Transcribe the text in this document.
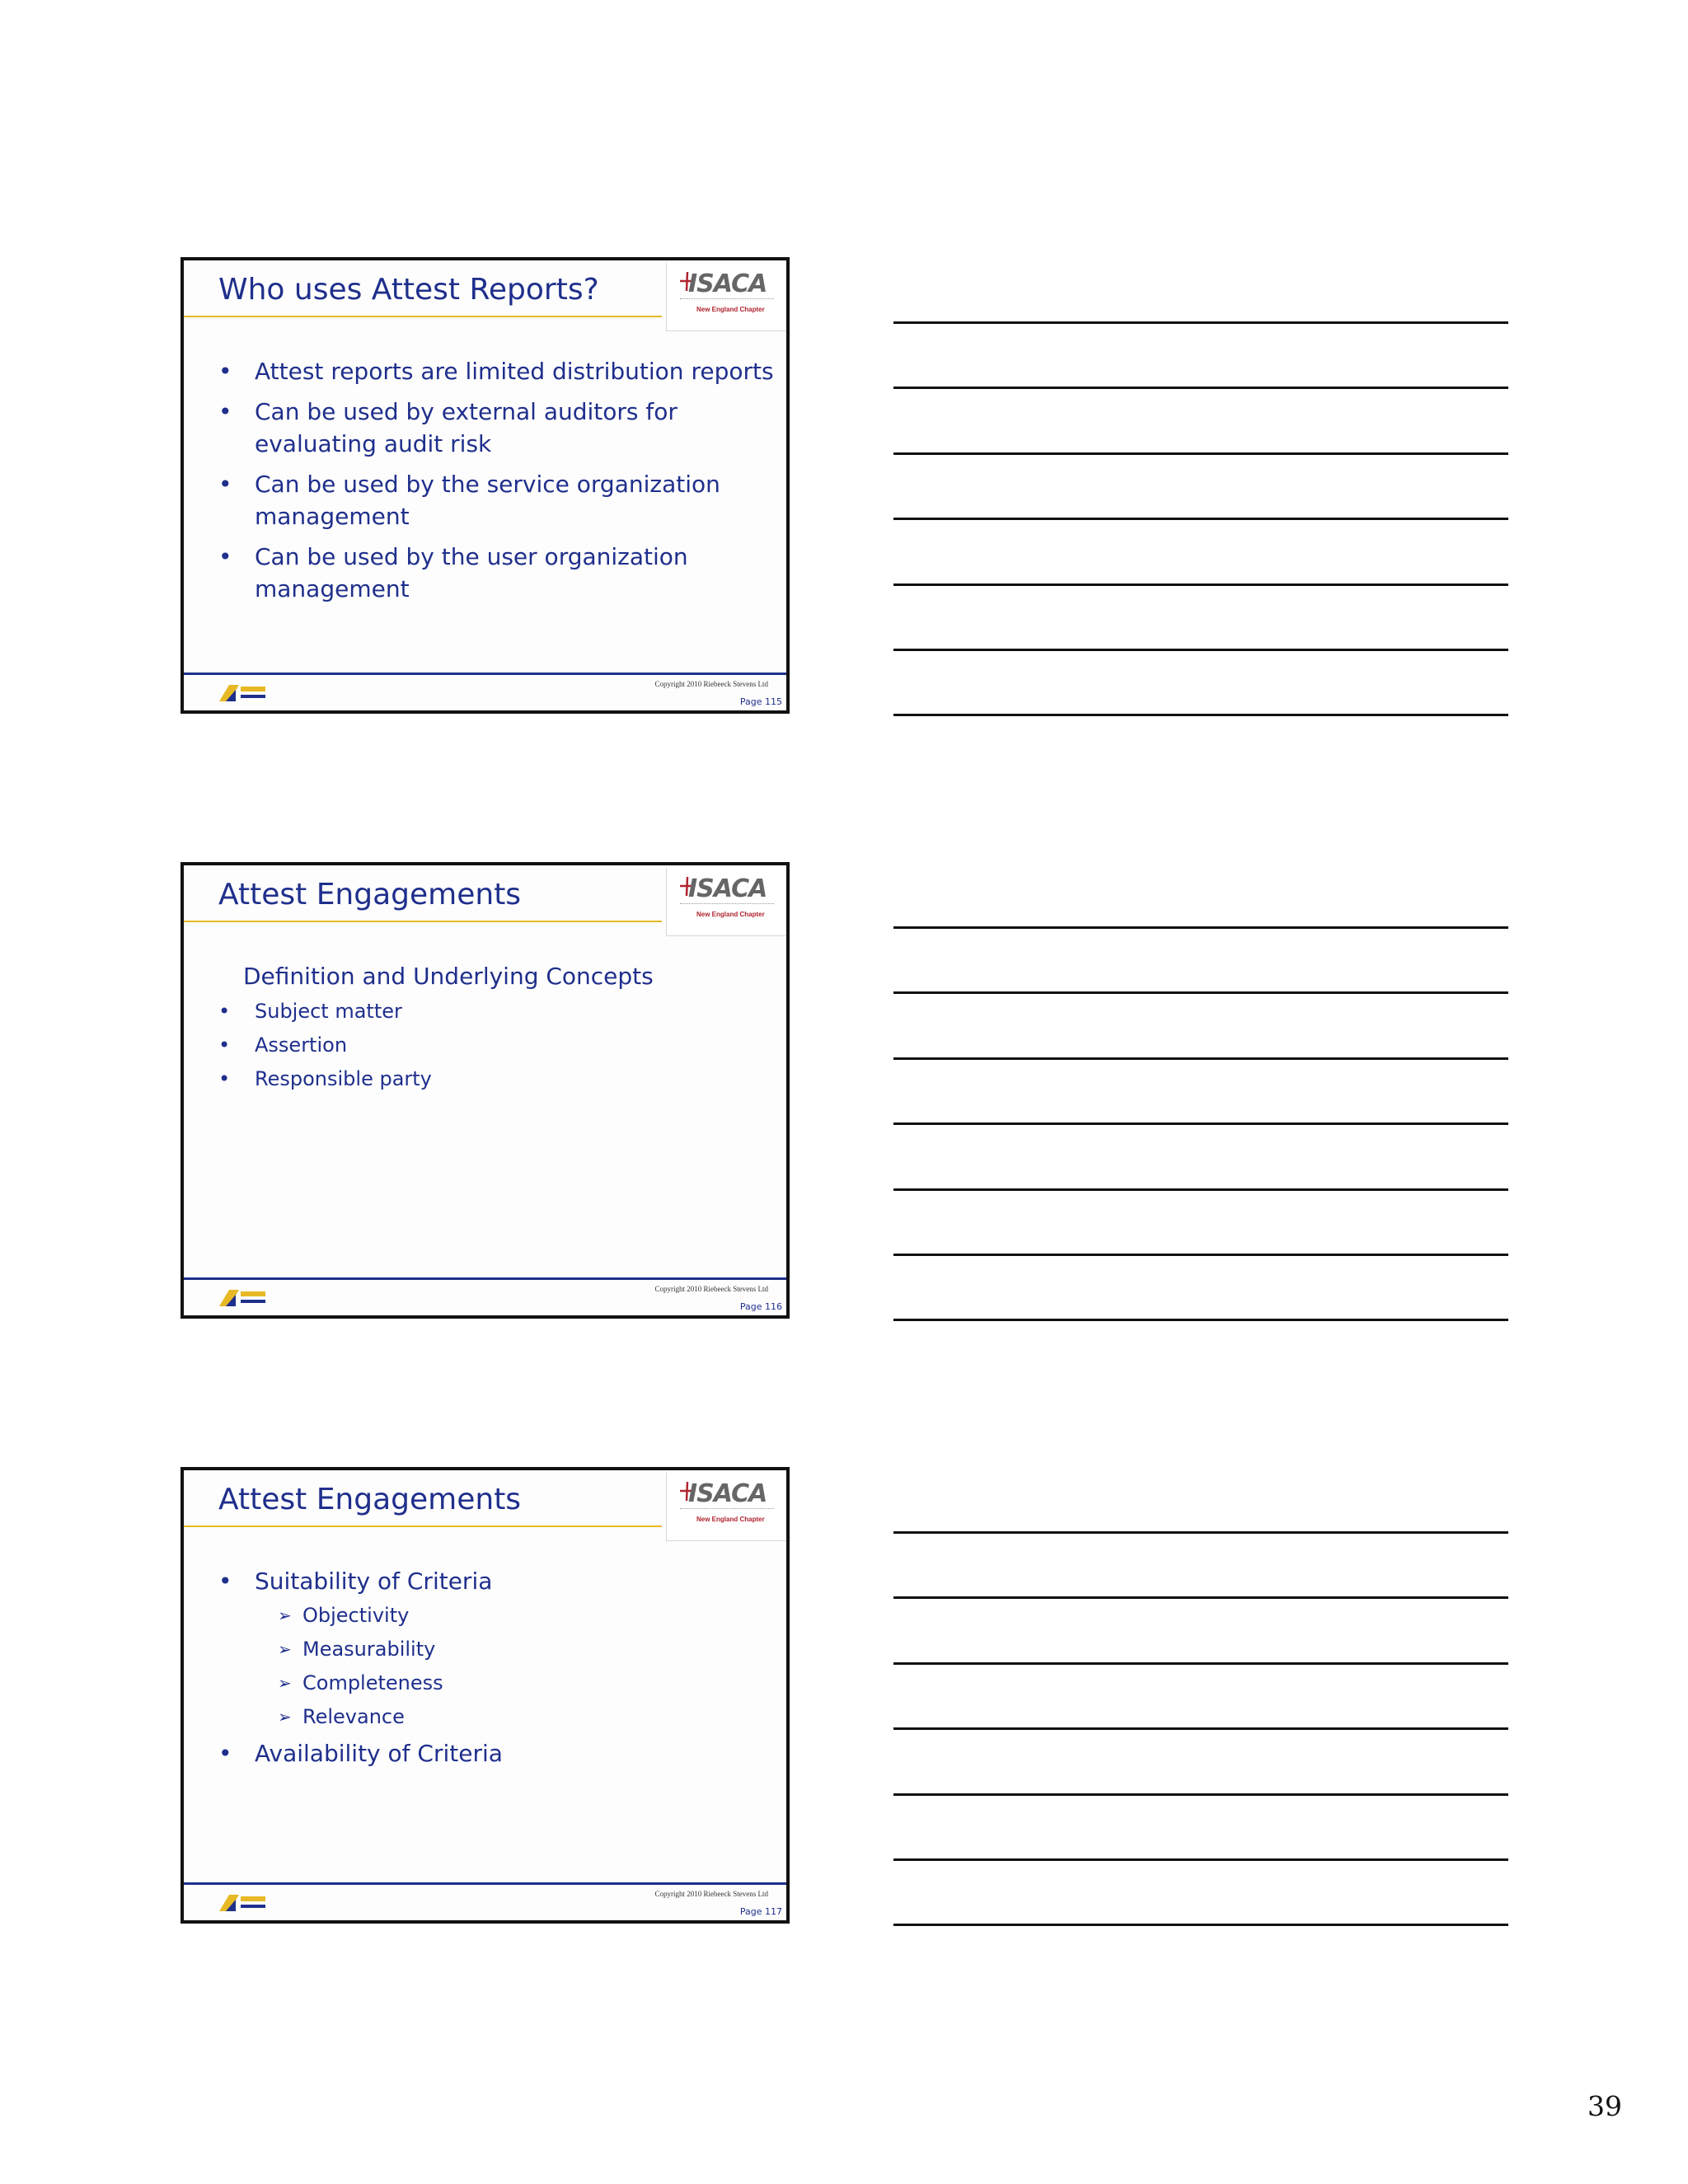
Who uses Attest Reports?	ISACA
New England Chapter
• Attest reports are limited distribution reports
• Can be used by external auditors for evaluating audit risk
• Can be used by the service organization management
• Can be used by the user organization management
Copyright 2010 Riebeeck Stevens Ltd
Page 115
Attest Engagements	ISACA
New England Chapter

Definition and Underlying Concepts

• Subject matter
• Assertion
• Responsible party
Copyright 2010 Riebeeck Stevens Ltd
Page 116
Attest Engagements	ISACA
New England Chapter
• Suitability of Criteria
➢ Objectivity
➢ Measurability
➢ Completeness
➢ Relevance
• Availability of Criteria
Copyright 2010 Riebeeck Stevens Ltd
Page 117
39
